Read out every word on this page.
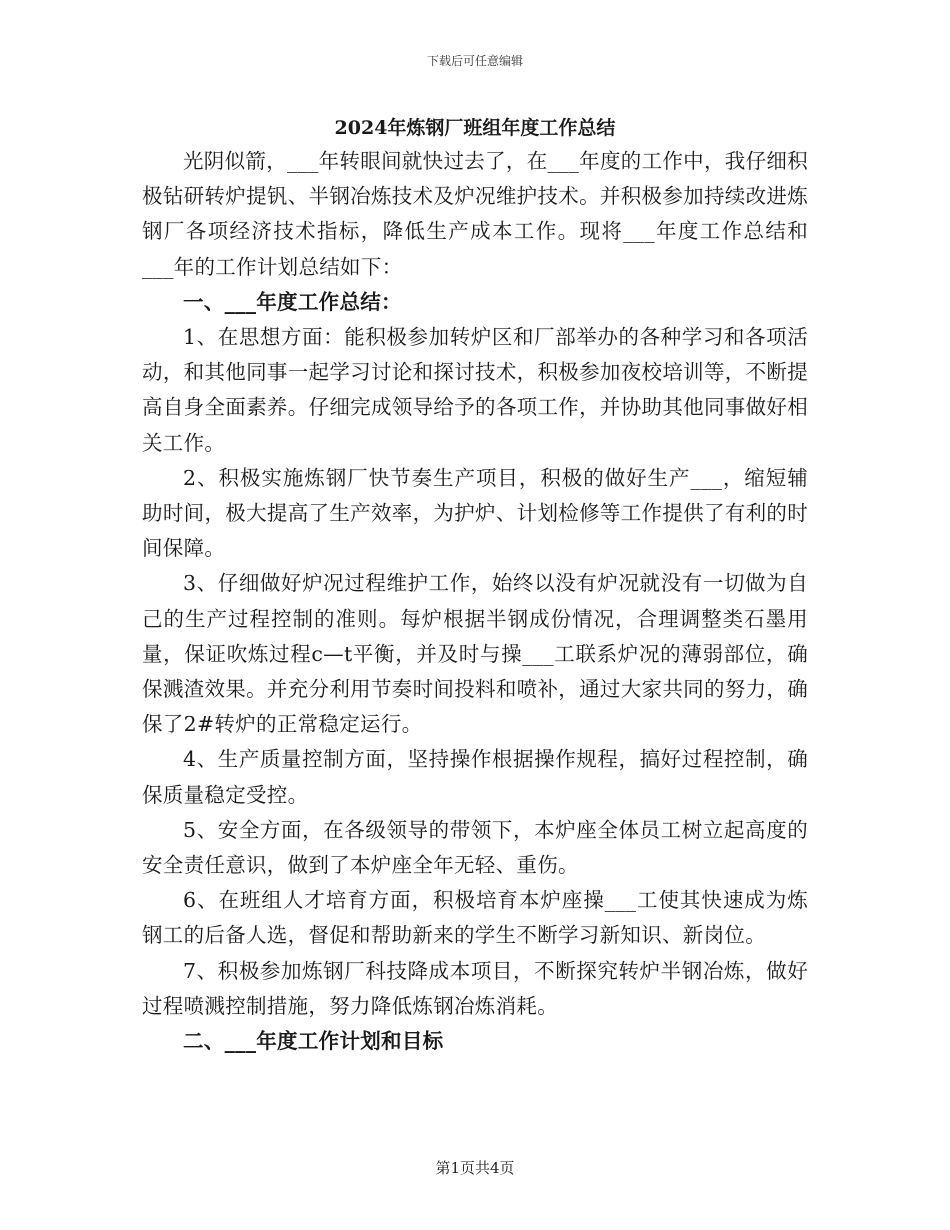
下载后可任意编辑
2024年炼钢厂班组年度工作总结

光阴似箭，___年转眼间就快过去了，在___年度的工作中，我仔细积极钻研转炉提钒、半钢冶炼技术及炉况维护技术。并积极参加持续改进炼钢厂各项经济技术指标，降低生产成本工作。现将___年度工作总结和___年的工作计划总结如下：

一、___年度工作总结：

1、在思想方面：能积极参加转炉区和厂部举办的各种学习和各项活动，和其他同事一起学习讨论和探讨技术，积极参加夜校培训等，不断提高自身全面素养。仔细完成领导给予的各项工作，并协助其他同事做好相关工作。

2、积极实施炼钢厂快节奏生产项目，积极的做好生产___，缩短辅助时间，极大提高了生产效率，为护炉、计划检修等工作提供了有利的时间保障。

3、仔细做好炉况过程维护工作，始终以没有炉况就没有一切做为自己的生产过程控制的准则。每炉根据半钢成份情况，合理调整类石墨用量，保证吹炼过程c—t平衡，并及时与操___工联系炉况的薄弱部位，确保溅渣效果。并充分利用节奏时间投料和喷补，通过大家共同的努力，确保了2#转炉的正常稳定运行。

4、生产质量控制方面，坚持操作根据操作规程，搞好过程控制，确保质量稳定受控。

5、安全方面，在各级领导的带领下，本炉座全体员工树立起高度的安全责任意识，做到了本炉座全年无轻、重伤。

6、在班组人才培育方面，积极培育本炉座操___工使其快速成为炼钢工的后备人选，督促和帮助新来的学生不断学习新知识、新岗位。

7、积极参加炼钢厂科技降成本项目，不断探究转炉半钢冶炼，做好过程喷溅控制措施，努力降低炼钢冶炼消耗。

二、___年度工作计划和目标

第1页共4页
